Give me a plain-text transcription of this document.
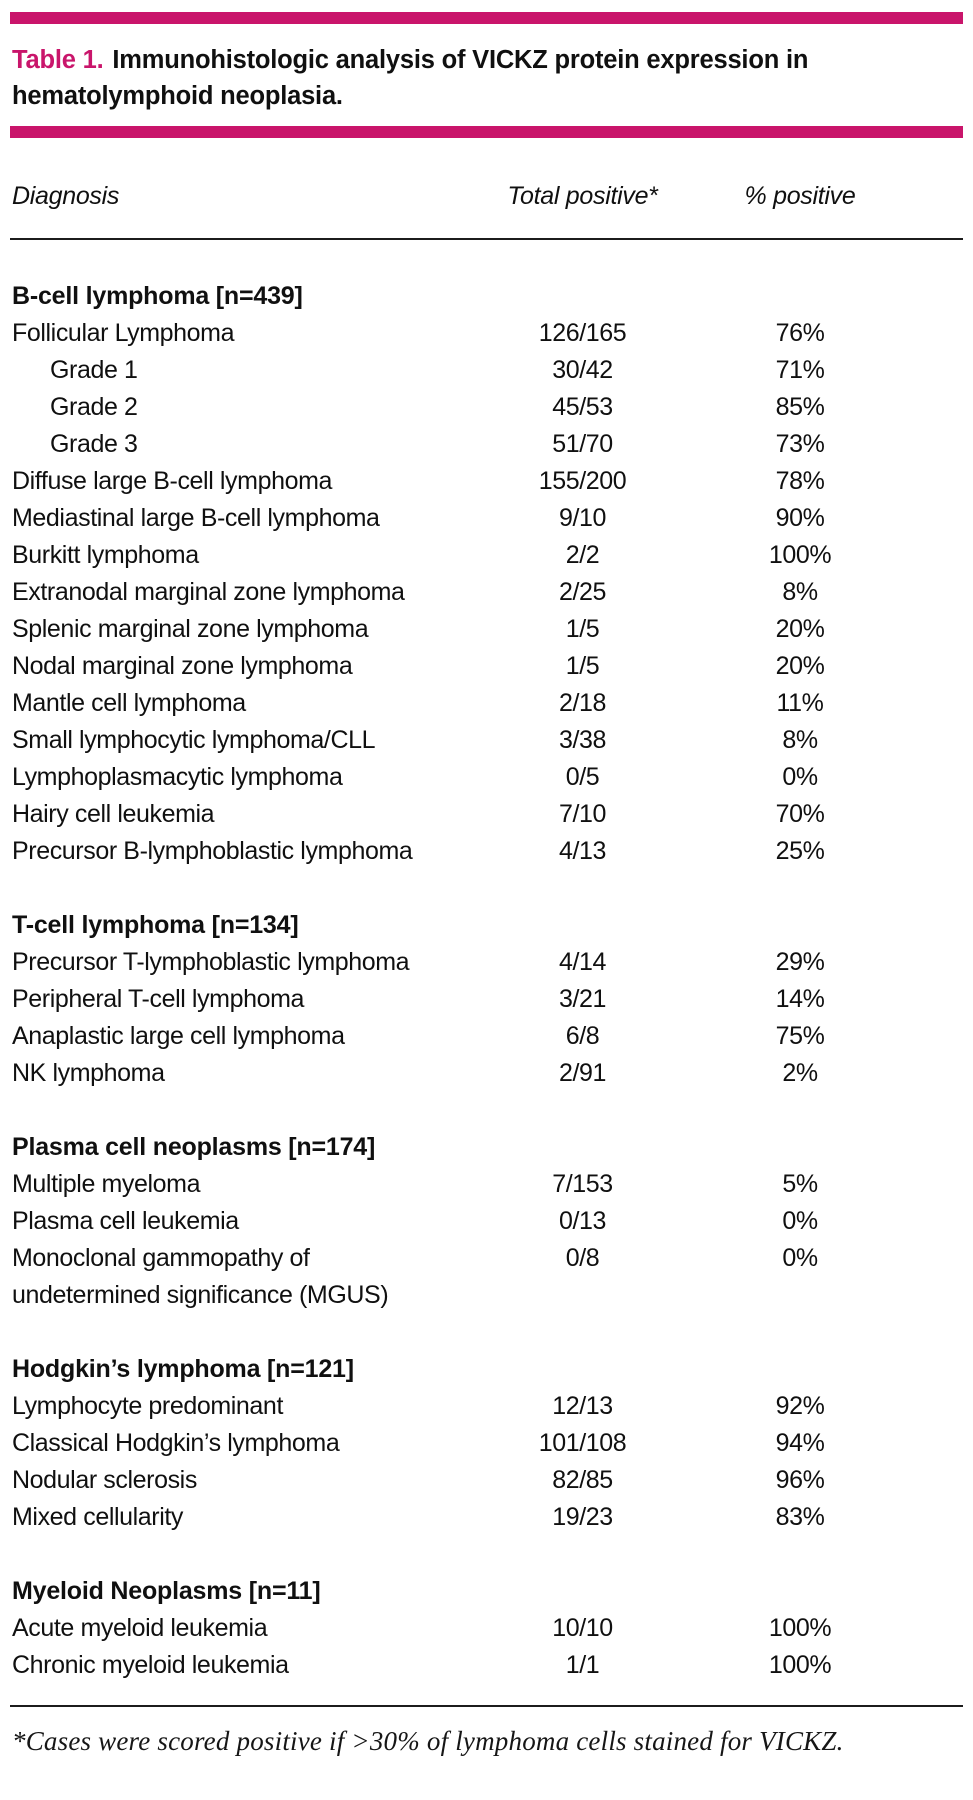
Table 1. Immunohistologic analysis of VICKZ protein expression in hematolymphoid neoplasia.
Diagnosis	Total positive*	% positive
B-cell lymphoma [n=439]
Follicular Lymphoma	126/165	76%
Grade 1	30/42	71%
Grade 2	45/53	85%
Grade 3	51/70	73%
Diffuse large B-cell lymphoma	155/200	78%
Mediastinal large B-cell lymphoma	9/10	90%
Burkitt lymphoma	2/2	100%
Extranodal marginal zone lymphoma	2/25	8%
Splenic marginal zone lymphoma	1/5	20%
Nodal marginal zone lymphoma	1/5	20%
Mantle cell lymphoma	2/18	11%
Small lymphocytic lymphoma/CLL	3/38	8%
Lymphoplasmacytic lymphoma	0/5	0%
Hairy cell leukemia	7/10	70%
Precursor B-lymphoblastic lymphoma	4/13	25%
T-cell lymphoma [n=134]
Precursor T-lymphoblastic lymphoma	4/14	29%
Peripheral T-cell lymphoma	3/21	14%
Anaplastic large cell lymphoma	6/8	75%
NK lymphoma	2/91	2%
Plasma cell neoplasms [n=174]
Multiple myeloma	7/153	5%
Plasma cell leukemia	0/13	0%
Monoclonal gammopathy of	0/8	0%
undetermined significance (MGUS)
Hodgkin’s lymphoma [n=121]
Lymphocyte predominant	12/13	92%
Classical Hodgkin’s lymphoma	101/108	94%
Nodular sclerosis	82/85	96%
Mixed cellularity	19/23	83%
Myeloid Neoplasms [n=11]
Acute myeloid leukemia	10/10	100%
Chronic myeloid leukemia	1/1	100%
*Cases were scored positive if >30% of lymphoma cells stained for VICKZ.
